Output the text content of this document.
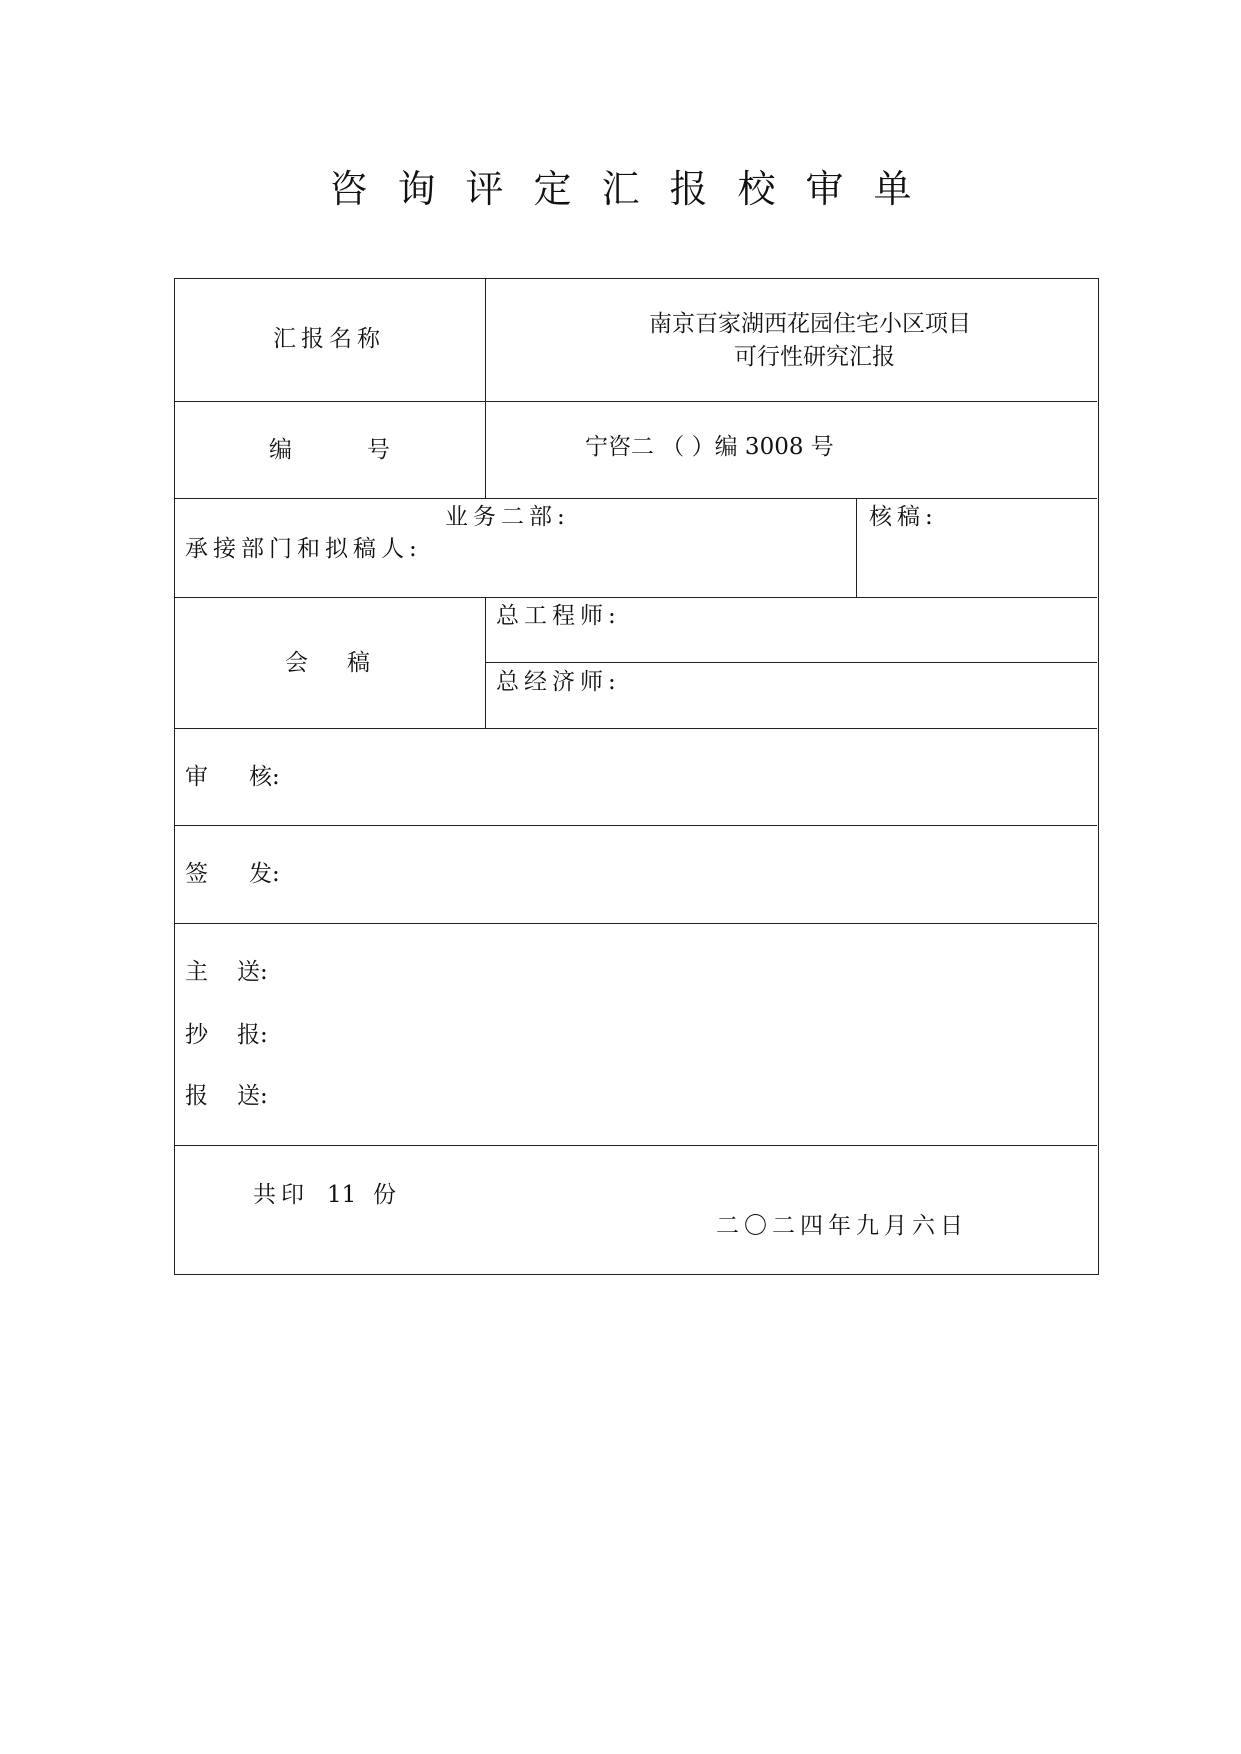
咨询评定汇报校审单
汇报名称
南京百家湖西花园住宅小区项目
可行性研究汇报
编	号	宁咨二 （ ）编 3008 号
业务二部:
承接部门和拟稿人:
核稿:
会 稿
总工程师:
总经济师:
审 核:
签 发:
主 送:
抄 报:
报 送:
共印 11 份
二〇二四年九月六日
